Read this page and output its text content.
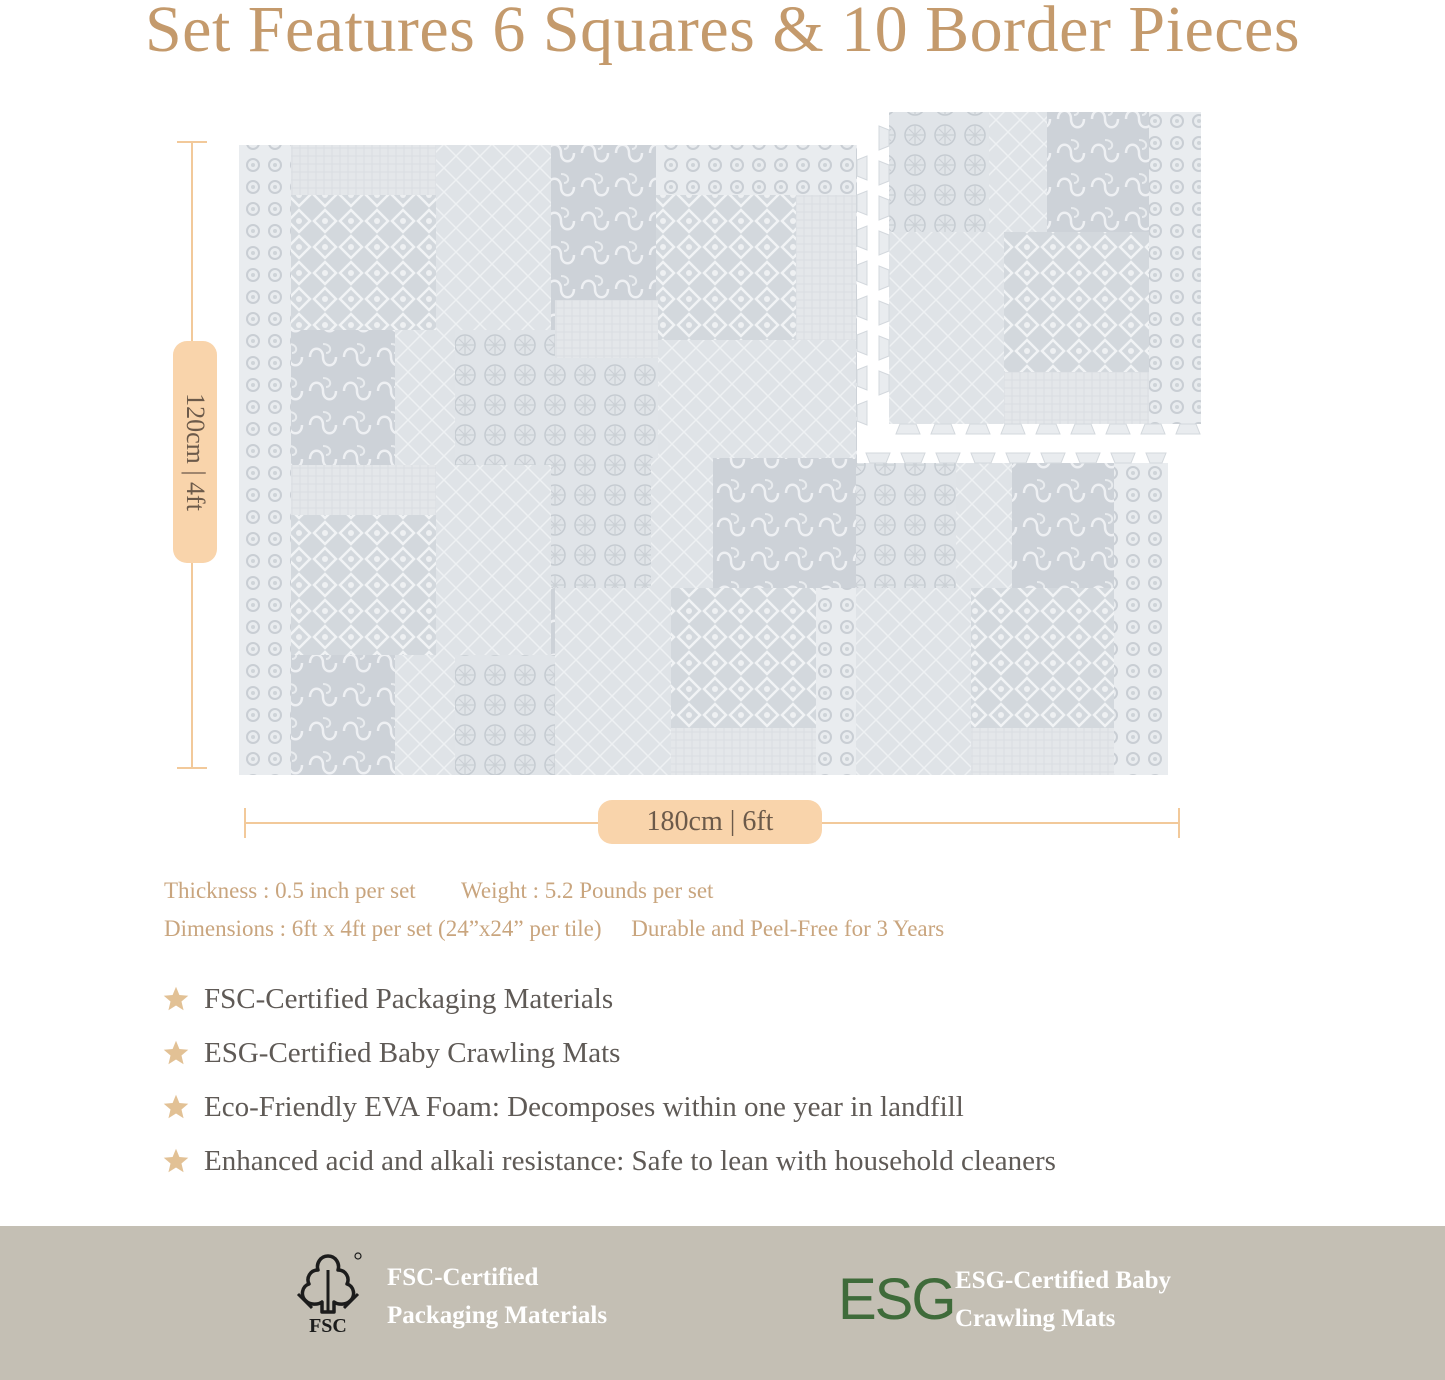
Set Features 6 Squares & 10 Border Pieces
120cm | 4ft
180cm | 6ft
Thickness : 0.5 inch per set Weight : 5.2 Pounds per set
Dimensions : 6ft x 4ft per set (24”x24” per tile) Durable and Peel-Free for 3 Years
FSC-Certified Packaging Materials
ESG-Certified Baby Crawling Mats
Eco-Friendly EVA Foam: Decomposes within one year in landfill
Enhanced acid and alkali resistance: Safe to lean with household cleaners
FSC
FSC-Certified
Packaging Materials	ESG ESG-Certified Baby
Crawling Mats
